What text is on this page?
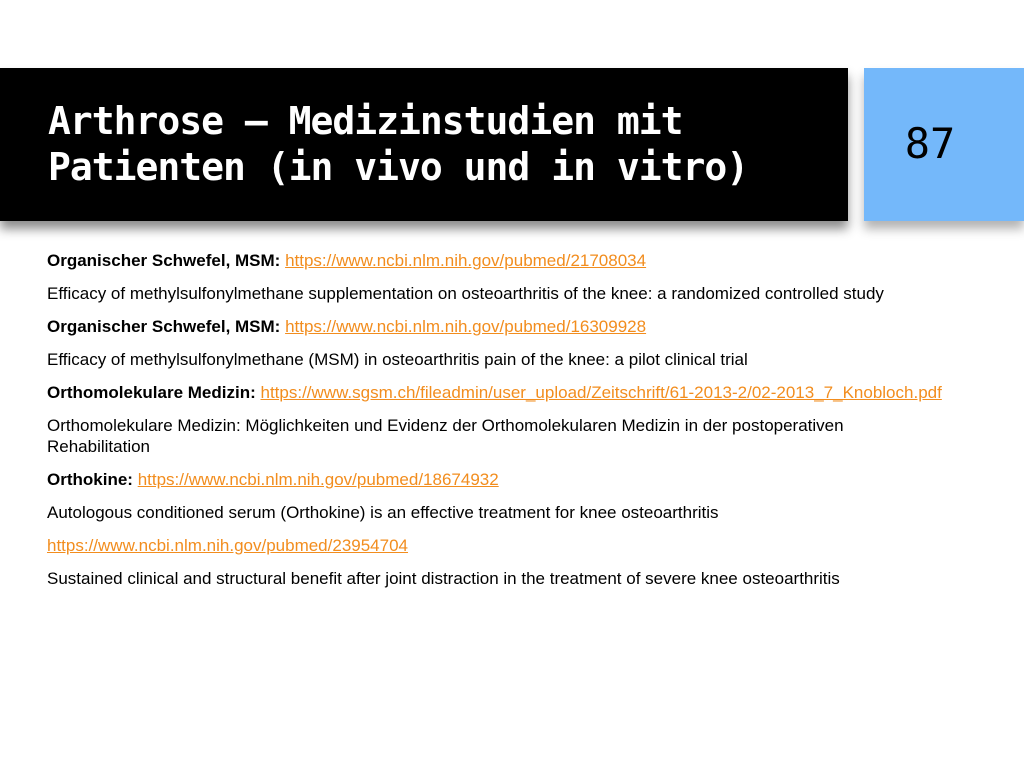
Arthrose – Medizinstudien mit
Patienten (in vivo und in vitro)	87

Organischer Schwefel, MSM: https://www.ncbi.nlm.nih.gov/pubmed/21708034

Efficacy of methylsulfonylmethane supplementation on osteoarthritis of the knee: a randomized controlled study

Organischer Schwefel, MSM: https://www.ncbi.nlm.nih.gov/pubmed/16309928

Efficacy of methylsulfonylmethane (MSM) in osteoarthritis pain of the knee: a pilot clinical trial

Orthomolekulare Medizin: https://www.sgsm.ch/fileadmin/user_upload/Zeitschrift/61-2013-2/02-2013_7_Knobloch.pdf

Orthomolekulare Medizin: Möglichkeiten und Evidenz der Orthomolekularen Medizin in der postoperativen Rehabilitation

Orthokine: https://www.ncbi.nlm.nih.gov/pubmed/18674932

Autologous conditioned serum (Orthokine) is an effective treatment for knee osteoarthritis

https://www.ncbi.nlm.nih.gov/pubmed/23954704

Sustained clinical and structural benefit after joint distraction in the treatment of severe knee osteoarthritis
